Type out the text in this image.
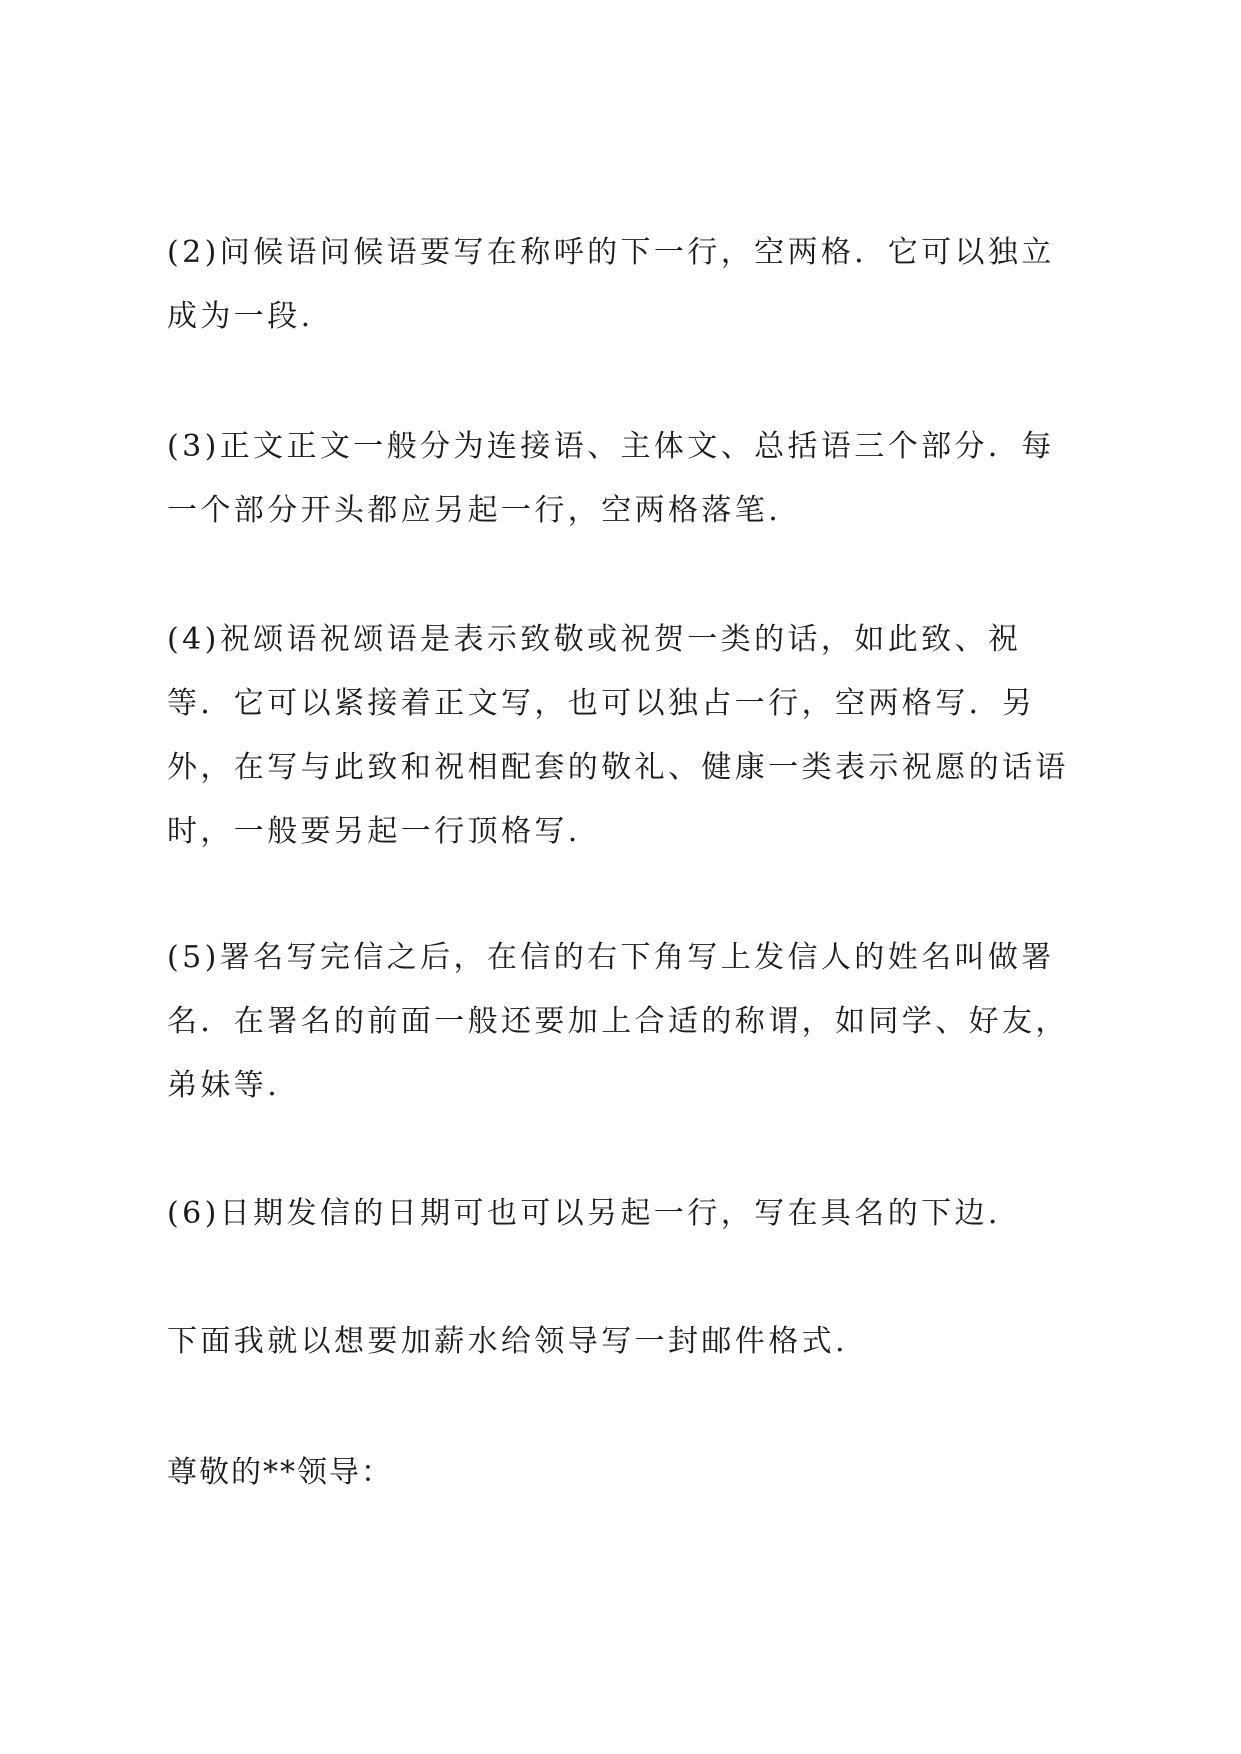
(2)问候语问候语要写在称呼的下一行，空两格．它可以独立成为一段.

(3)正文正文一般分为连接语、主体文、总括语三个部分．每一个部分开头都应另起一行，空两格落笔.

(4)祝颂语祝颂语是表示致敬或祝贺一类的话，如此致、祝等．它可以紧接着正文写，也可以独占一行，空两格写．另外，在写与此致和祝相配套的敬礼、健康一类表示祝愿的话语时，一般要另起一行顶格写.

(5)署名写完信之后，在信的右下角写上发信人的姓名叫做署名．在署名的前面一般还要加上合适的称谓，如同学、好友，弟妹等.

(6)日期发信的日期可也可以另起一行，写在具名的下边.

下面我就以想要加薪水给领导写一封邮件格式.

尊敬的**领导：
